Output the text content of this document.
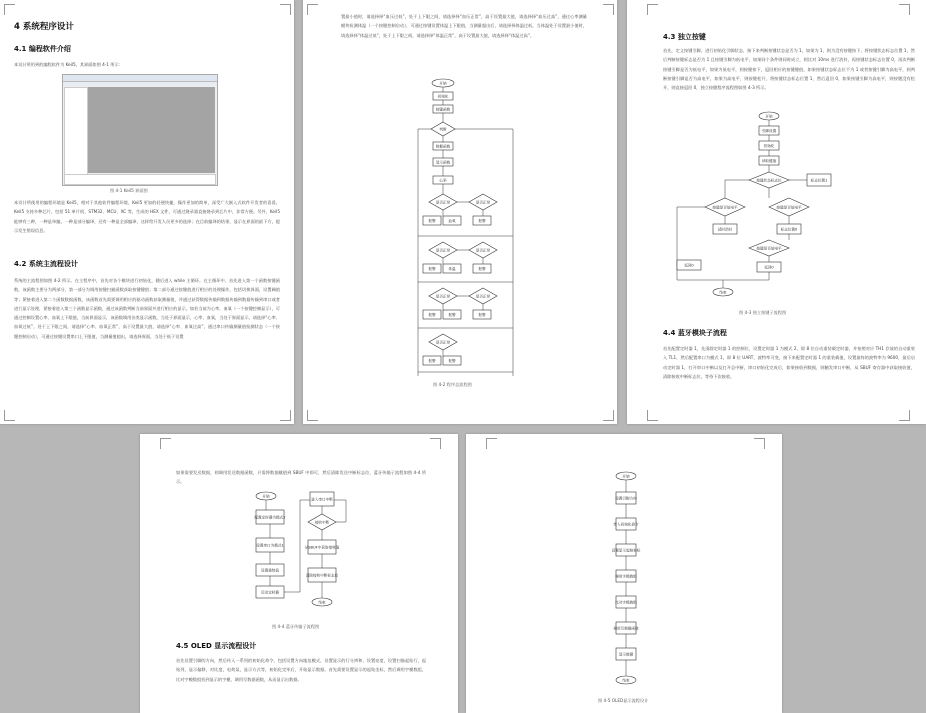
4 系统程序设计
4.1 编程软件介绍
本设计所用到的编程软件为 Keil5，其界面如图 4-1 所示：
图 4-1 Keil5 界面图
本设计所使用的编程环境是 Keil5，相对于其他软件编程环境，Keil5 更加的轻便快捷，操作更加的简单，深受广大嵌入式软件开发者的喜爱。Keil5 支持多种芯片，包括 51 单片机、STM32、MCU、XC 等，生成的 HEX 文件，可通过烧录器直接烧录到芯片中，非常方便。另外，Keil5 能够有三种，一种是单编，一种是部分编译，还有一种是全部编译，这样给开发人员更多的选择；在目前编译的结果，显示在界面的最下方，提示发生错误信息。
4.2 系统主流程设计
系统的主流程图如图 4-2 所示。在主程序中，首先对各个模块进行初始化，随后进入 while 主循环。在主循环中，首先进入第一个函数按键函数，该函数主要分为两部分，第一部分为调用按键扫描函数获取按键键值；第二部分通过按键值进行相应的处理操作，包括切换界面，设置阈值等；紧接着进入第二个函数数据函数，该函数首先需要调用相应的驱动函数获取测量值，并通过获得数据传输到数据传输到数据传输到串口或者进行显示处理，紧接着进入第三个函数显示函数，通过该函数判断当前界面并进行相应的显示，如若当前为心率，血氧（一个按键控制显示），可通过控制设置心率、血氧上下限值，当前界面显示，该函数调用各类显示函数，当处于界面显示，心率，血氧，当处于界面显示，请选择“心率、血氧过低”，处于上下限之间，请选择“心率、血氧正常”，高于设置最大值，请选择“心率、血氧过高”，通过串口传输测量值检测状态（一个按键控制启动），可通过按键设置串口上下限值，当测量值超出，请选择界面，当处于低于设置
置最小值时，请选择择“血压过低”，处于上下限之间，请选择择“血压正常”，高于设置最大值，请选择择“血压过高”，通过心率测量模块检测体温（一个按键控制启动），可通过按键设置体温上下限值，当测量超出后，请选择择体温过低，当体温处于设置最小值时，请选择择“体温过低”，处于上下限之间，请选择择“体温正常”，高于设置最大值，请选择择“体温过高”。
开始
初始化
按键函数
判断
数据函数
显示函数
心率
是否正常	是否正常
报警	血氧	报警
是否正常	是否正常
报警	体温	报警
是否正常	是否正常
报警	报警	报警
是否正常
报警	报警
图 4-2 程序总流程图
4.3 独立按键
首先，定义按键引脚，进行初始化引脚状态，接下来判断按键状态是否为 1，如果为 1，则为没有按键按下，将按键状态标志位置 1，然后判断按键标志是否为 1 且按键引脚为低电平，如果同个条件则同时成立，则比对 10ms 进行消抖，再按键状态标志位置 0，再次判断按键引脚是否为低电平，如果为低电平，则按键按下，返回相应的按键键值。如果按键状态标志位不为 1 或者按键引脚为高电平，则判断按键引脚是否为高电平，如果为高电平，则按键松开，将按键状态标志位置 1，然后返回 0，如果按键引脚为高电平，则按键没有松开，则直接返回 0，独立按键程序流程图如图 4-3 所示。
开始
引脚设置
初始化
读取键值
按键状态标志位	标志位置1
按键是否低电平	按键是否低电平
延时消抖	标志位置0
按键是否低电平
返回0
返回0
结束
图 4-3 独立按键子流程图
4.4 蓝牙模块子流程
首先配置定时器 1，先清除定时器 1 的控制位，设置定时器 1 为模式 2，即 8 位自动重装载定时器，并按照对应 TH1 存放的自动重装入 TL1，然后配置串口为模式 1，即 8 位 UART，波特率可变，接下来配置定时器 1 的重装载值，设置最终的波特率为 9600，最后启动定时器 1，打开串口中断以及打开总中断，串口初始化完成后，如果接收到数据，则触发串口中断，从 SBUF 寄存器中获取接收值，清除接收中断标志位，等待下次接收。
如果需要发送数据，则调用发送数据函数，只需将数据赋值到 SBUF 中即可，然后清除发送中断标志位，蓝牙传输子流程如图 4-4 所示。
开始
配置定时器为模式2
设置串口为模式1
设置重装值
启动定时器
进入串口中断
接收中断
从SBUF中获取接收值
清除接收中断标志位
结束
图 4-4 蓝牙传输子流程图
4.5 OLED 显示流程设计
首先设置引脚的方向，然后传入一系列的初始化命令，包括设置方向地址模式，设置显示的行分辨和，设置亮度，设置扫描起始行，起始列，显示偏移，对比度，电荷泵，显示方式等，初始化完毕后，开始显示数据。首先需要设置显示的起始坐标，然后调用字模数组，比对字模数组找到显示的字模，调用写数据函数，从而显示出数据。
开始
设置引脚方向
传入初始化命令
设置显示起始坐标
调用字模数组
比对字模数组
调用写数据函数
显示数据
结束
图 4-5 OLED显示流程设计
